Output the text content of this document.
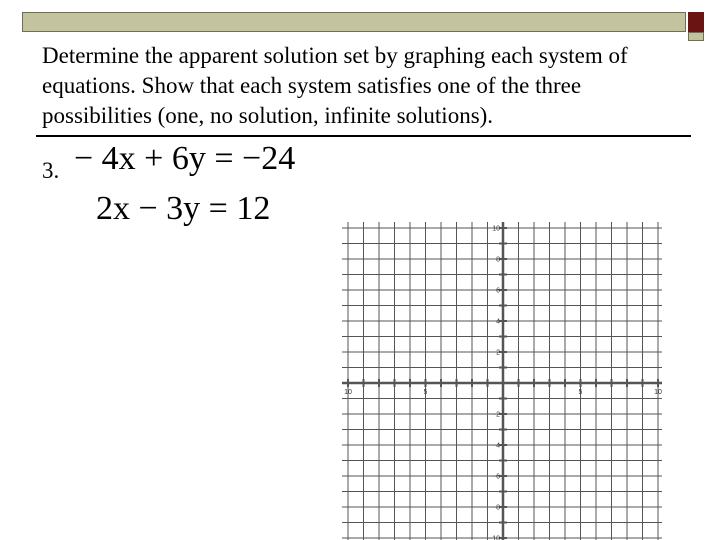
Determine the apparent solution set by graphing each system of equations. Show that each system satisfies one of the three possibilities (one, no solution, infinite solutions).

3. − 4x + 6y = −24
2x − 3y = 12
10	5	5	10
10
8
6
4
2
−2
−4
−6
−8
−10
